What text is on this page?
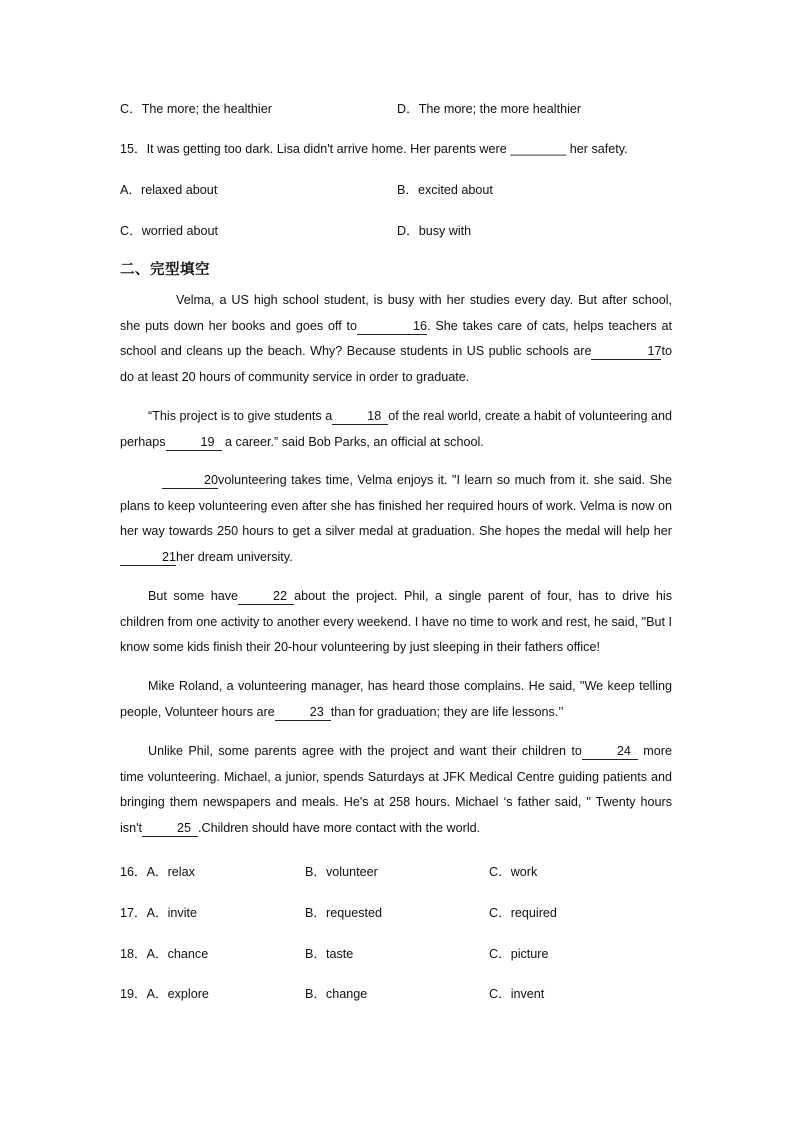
C．The more; the healthier	D．The more; the more healthier
15．It was getting too dark. Lisa didn't arrive home. Her parents were ________ her safety.
A．relaxed about	B．excited about
C．worried about	D．busy with
二、完型填空

Velma, a US high school student, is busy with her studies every day. But after school, she puts down her books and goes off to	16. She takes care of cats, helps teachers at school and cleans up the beach. Why? Because students in US public schools are	17to do at least 20 hours of community service in order to graduate.

“This project is to give students a	18 of the real world, create a habit of volunteering and perhaps	19 a career.” said Bob Parks, an official at school.

20volunteering takes time, Velma enjoys it. "I learn so much from it. she said. She plans to keep volunteering even after she has finished her required hours of work. Velma is now on her way towards 250 hours to get a silver medal at graduation. She hopes the medal will help her21her dream university.

But some have	22 about the project. Phil, a single parent of four, has to drive his children from one activity to another every weekend. I have no time to work and rest, he said, "But I know some kids finish their 20-hour volunteering by just sleeping in their fathers office!

Mike Roland, a volunteering manager, has heard those complains. He said, "We keep telling people, Volunteer hours are	23 than for graduation; they are life lessons.’’

Unlike Phil, some parents agree with the project and want their children to	24 more time volunteering. Michael, a junior, spends Saturdays at JFK Medical Centre guiding patients and bringing them newspapers and meals. He's at 258 hours. Michael ‘s father said, " Twenty hours isn't	25 .Children should have more contact with the world.

16．A．relax	B．volunteer	C．work
17．A．invite	B．requested	C．required
18．A．chance	B．taste	C．picture
19．A．explore	B．change	C．invent
